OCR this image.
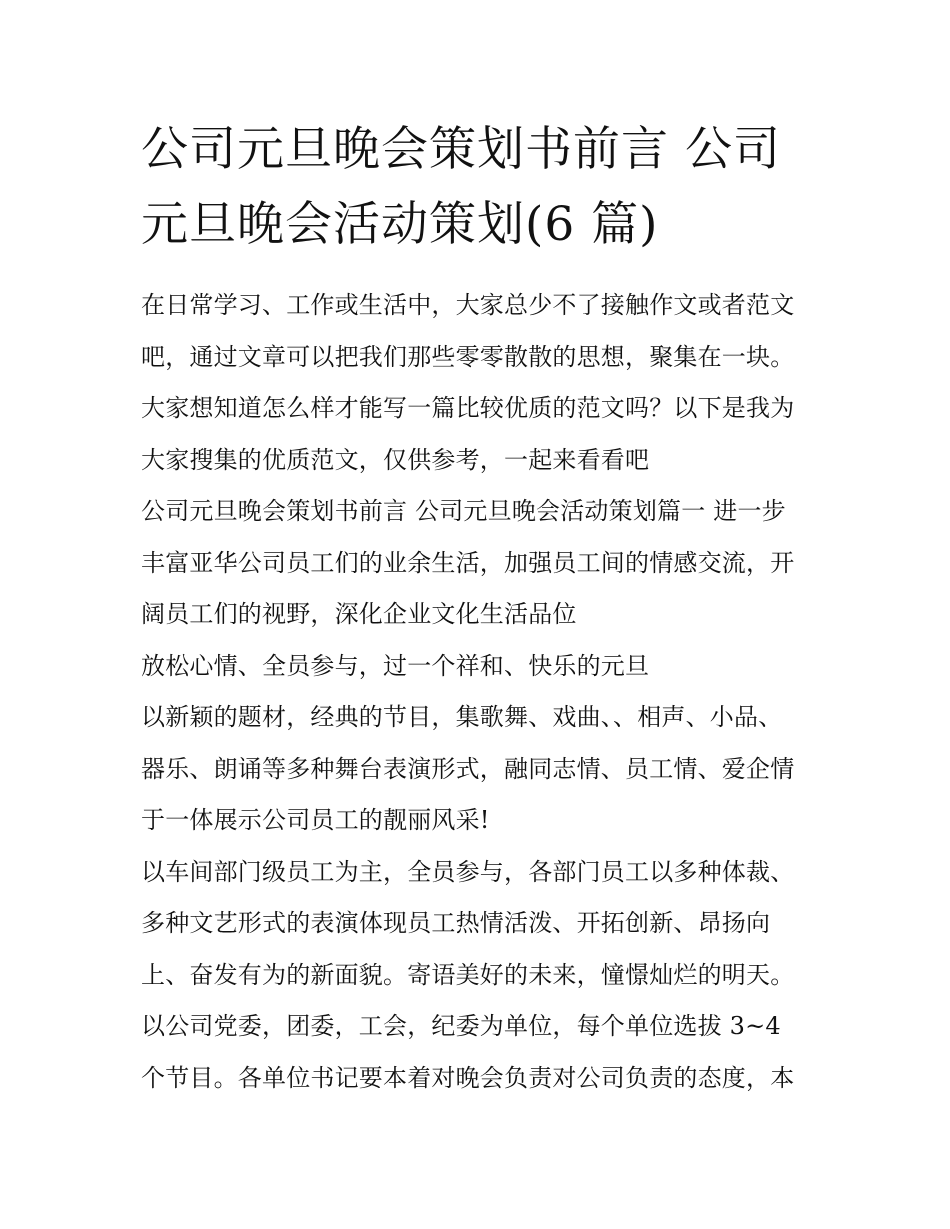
公司元旦晚会策划书前言 公司
元旦晚会活动策划(6 篇)
在日常学习、工作或生活中，大家总少不了接触作文或者范文
吧，通过文章可以把我们那些零零散散的思想，聚集在一块。
大家想知道怎么样才能写一篇比较优质的范文吗？以下是我为
大家搜集的优质范文，仅供参考，一起来看看吧
公司元旦晚会策划书前言 公司元旦晚会活动策划篇一 进一步
丰富亚华公司员工们的业余生活，加强员工间的情感交流，开
阔员工们的视野，深化企业文化生活品位
放松心情、全员参与，过一个祥和、快乐的元旦
以新颖的题材，经典的节目，集歌舞、戏曲、、相声、小品、
器乐、朗诵等多种舞台表演形式，融同志情、员工情、爱企情
于一体展示公司员工的靓丽风采!
以车间部门级员工为主，全员参与，各部门员工以多种体裁、
多种文艺形式的表演体现员工热情活泼、开拓创新、昂扬向
上、奋发有为的新面貌。寄语美好的未来，憧憬灿烂的明天。
以公司党委，团委，工会，纪委为单位，每个单位选拔 3~4
个节目。各单位书记要本着对晚会负责对公司负责的态度，本
